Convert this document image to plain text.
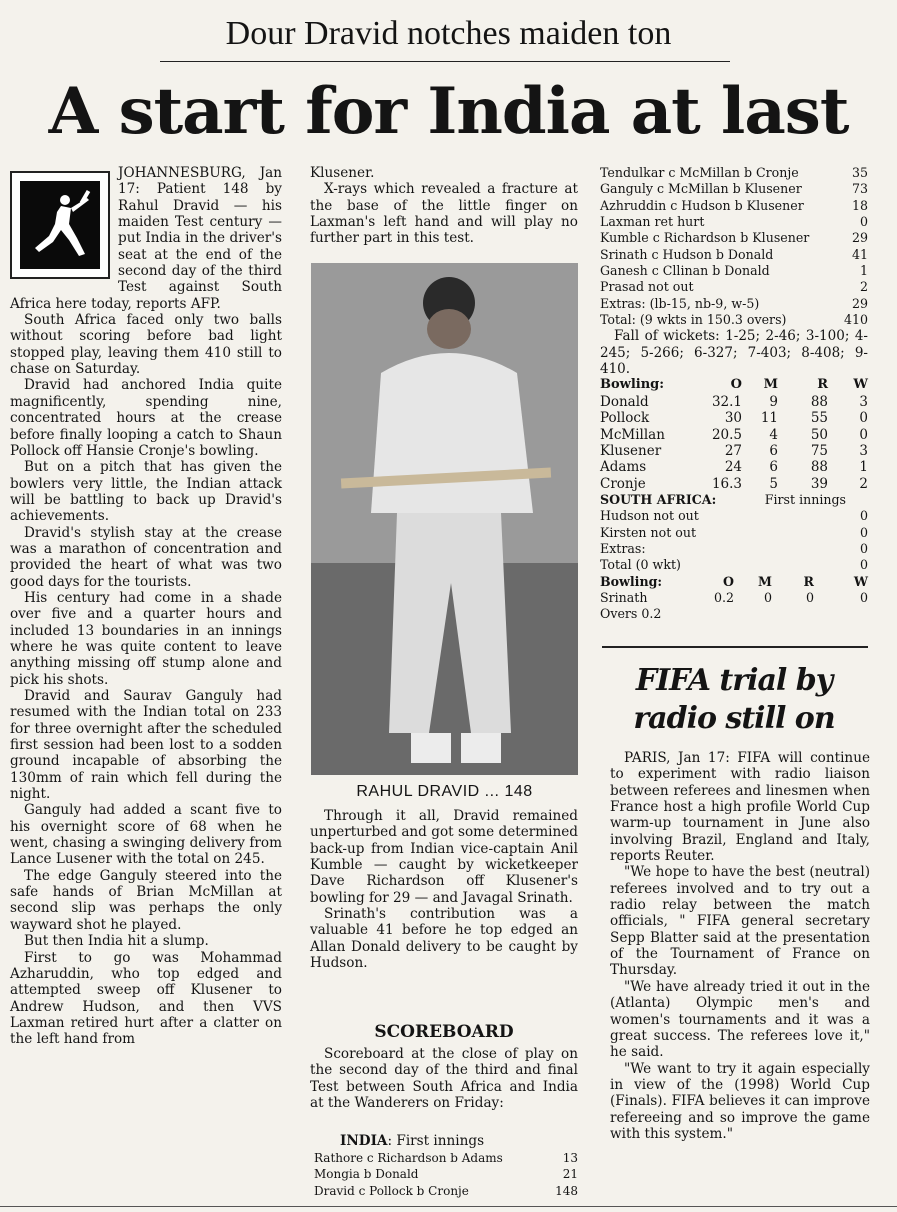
Dour Dravid notches maiden ton
A start for India at last

JOHANNESBURG, Jan 17: Patient 148 by Rahul Dravid — his maiden Test century — put India in the driver's seat at the end of the second day of the third Test against South Africa here today, reports AFP.

South Africa faced only two balls without scoring before bad light stopped play, leaving them 410 still to chase on Saturday.

Dravid had anchored India quite magnificently, spending nine, concentrated hours at the crease before finally looping a catch to Shaun Pollock off Hansie Cronje's bowling.

But on a pitch that has given the bowlers very little, the Indian attack will be battling to back up Dravid's achievements.

Dravid's stylish stay at the crease was a marathon of concentration and provided the heart of what was two good days for the tourists.

His century had come in a shade over five and a quarter hours and included 13 boundaries in an innings where he was quite content to leave anything missing off stump alone and pick his shots.

Dravid and Saurav Ganguly had resumed with the Indian total on 233 for three overnight after the scheduled first session had been lost to a sodden ground incapable of absorbing the 130mm of rain which fell during the night.

Ganguly had added a scant five to his overnight score of 68 when he went, chasing a swinging delivery from Lance Lusener with the total on 245.

The edge Ganguly steered into the safe hands of Brian McMillan at second slip was perhaps the only wayward shot he played.

But then India hit a slump.

First to go was Mohammad Azharuddin, who top edged and attempted sweep off Klusener to Andrew Hudson, and then VVS Laxman retired hurt after a clatter on the left hand from

Klusener.

X-rays which revealed a fracture at the base of the little finger on Laxman's left hand and will play no further part in this test.

RAHUL DRAVID ... 148

Through it all, Dravid remained unperturbed and got some determined back-up from Indian vice-captain Anil Kumble — caught by wicketkeeper Dave Richardson off Klusener's bowling for 29 — and Javagal Srinath.

Srinath's contribution was a valuable 41 before he top edged an Allan Donald delivery to be caught by Hudson.

SCOREBOARD

Scoreboard at the close of play on the second day of the third and final Test between South Africa and India at the Wanderers on Friday:

INDIA: First innings
Rathore c Richardson b Adams	13
Mongia b Donald	21
Dravid c Pollock b Cronje	148
Tendulkar c McMillan b Cronje	35
Ganguly c McMillan b Klusener	73
Azhruddin c Hudson b Klusener	18
Laxman ret hurt	0
Kumble c Richardson b Klusener	29
Srinath c Hudson b Donald	41
Ganesh c Cllinan b Donald	1
Prasad not out	2
Extras: (lb-15, nb-9, w-5)	29
Total: (9 wkts in 150.3 overs)	410

Fall of wickets: 1-25; 2-46; 3-100; 4-245; 5-266; 6-327; 7-403; 8-408; 9-410.

Bowling:	O	M	R	W
Donald	32.1	9	88	3
Pollock	30	11	55	0
McMillan	20.5	4	50	0
Klusener	27	6	75	3
Adams	24	6	88	1
Cronje	16.3	5	39	2
SOUTH AFRICA:	First innings
Hudson not out	0
Kirsten not out	0
Extras:	0
Total (0 wkt)	0
Bowling:	O	M	R	W
Srinath	0.2	0	0	0
Overs 0.2
FIFA trial by radio still on

PARIS, Jan 17: FIFA will continue to experiment with radio liaison between referees and linesmen when France host a high profile World Cup warm-up tournament in June also involving Brazil, England and Italy, reports Reuter.

"We hope to have the best (neutral) referees involved and to try out a radio relay between the match officials, " FIFA general secretary Sepp Blatter said at the presentation of the Tournament of France on Thursday.

"We have already tried it out in the (Atlanta) Olympic men's and women's tournaments and it was a great success. The referees love it," he said.

"We want to try it again especially in view of the (1998) World Cup (Finals). FIFA believes it can improve refereeing and so improve the game with this system."
